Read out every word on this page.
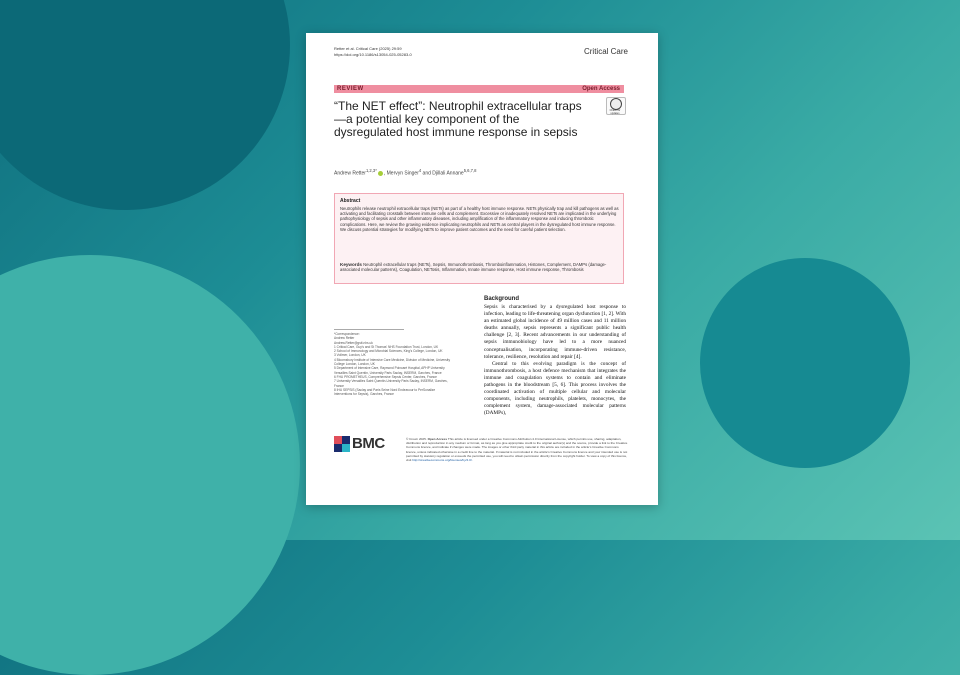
Retter et al. Critical Care (2025) 29:59
https://doi.org/10.1186/s13054-025-05283-0	Critical Care
REVIEW	Open Access
Check for updates
“The NET effect”: Neutrophil extracellular traps—a potential key component of the dysregulated host immune response in sepsis
Andrew Retter$^{1,2,3*}$, Mervyn Singer$^4$ and Djillali Annane$^{5,6,7,8}$
Abstract
Neutrophils release neutrophil extracellular traps (NETs) as part of a healthy host immune response. NETs physically trap and kill pathogens as well as activating and facilitating crosstalk between immune cells and complement. Excessive or inadequately resolved NETs are implicated in the underlying pathophysiology of sepsis and other inflammatory diseases, including amplification of the inflammatory response and inducing thrombotic complications. Here, we review the growing evidence implicating neutrophils and NETs as central players in the dysregulated host immune response. We discuss potential strategies for modifying NETs to improve patient outcomes and the need for careful patient selection.
Keywords Neutrophil extracellular traps (NETs), Sepsis, Immunothrombosis, Thromboinflammation, Histones, Complement, DAMPs (damage-associated molecular patterns), Coagulation, NETosis, Inflammation, Innate immune response, Host immune response, Thrombosis
*Correspondence:
Andrew Retter
Andrew.Retter@gstt.nhs.uk
1 Critical Care, Guy's and St Thomas' NHS Foundation Trust, London, UK
2 School of Immunology and Microbial Sciences, King's College, London, UK
3 Vollmer, London, UK
4 Bloomsbury Institute of Intensive Care Medicine, Division of Medicine, University College London, London, UK
5 Department of Intensive Care, Raymond Poincaré Hospital, APHP University Versailles Saint Quentin, University Paris Saclay, INSERM, Garches, France
6 FHU PROMETHEUS, Comprehensive Sepsis Center, Garches, France
7 University Versailles Saint Quentin-University Paris Saclay, INSERM, Garches, France
8 IHU SEPSIS (Saclay and Paris Seine Nord Endeavour to PerSonalize Interventions for Sepsis), Garches, France
Background

Sepsis is characterised by a dysregulated host response to infection, leading to life-threatening organ dysfunction [1, 2]. With an estimated global incidence of 49 million cases and 11 million deaths annually, sepsis represents a significant public health challenge [2, 3]. Recent advancements in our understanding of sepsis immunobiology have led to a more nuanced conceptualisation, incorporating immune-driven resistance, tolerance, resilience, resolution and repair [4].

Central to this evolving paradigm is the concept of immunothrombosis, a host defence mechanism that integrates the immune and coagulation systems to contain and eliminate pathogens in the bloodstream [5, 6]. This process involves the coordinated activation of multiple cellular and molecular components, including neutrophils, platelets, monocytes, the complement system, damage-associated molecular patterns (DAMPs),

BMC	© Crown 2025. Open Access This article is licensed under a Creative Commons Attribution 4.0 International License, which permits use, sharing, adaptation, distribution and reproduction in any medium or format, as long as you give appropriate credit to the original author(s) and the source, provide a link to the Creative Commons licence, and indicate if changes were made. The images or other third party material in this article are included in the article's Creative Commons licence, unless indicated otherwise in a credit line to the material. If material is not included in the article's Creative Commons licence and your intended use is not permitted by statutory regulation or exceeds the permitted use, you will need to obtain permission directly from the copyright holder. To view a copy of this licence, visit http://creativecommons.org/licenses/by/4.0/.
